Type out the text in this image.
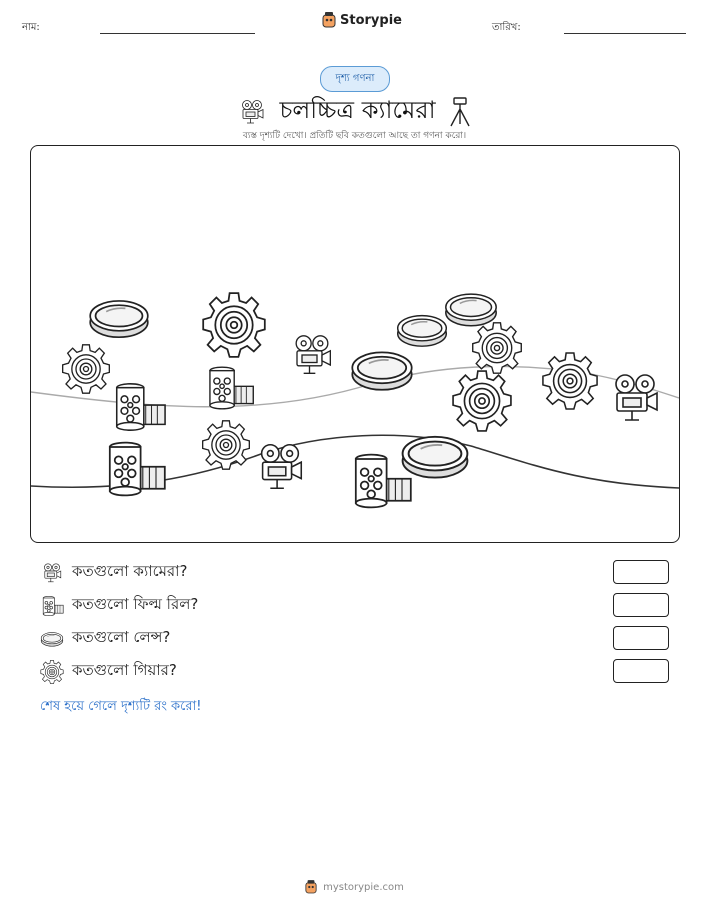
নাম:	Storypie	তারিখ:
দৃশ্য গণনা
চলচ্চিত্র ক্যামেরা
ব্যস্ত দৃশ্যটি দেখো। প্রতিটি ছবি কতগুলো আছে তা গণনা করো।
কতগুলো ক্যামেরা?
কতগুলো ফিল্ম রিল?
কতগুলো লেন্স?
কতগুলো গিয়ার?
শেষ হয়ে গেলে দৃশ্যটি রং করো!
mystorypie.com
